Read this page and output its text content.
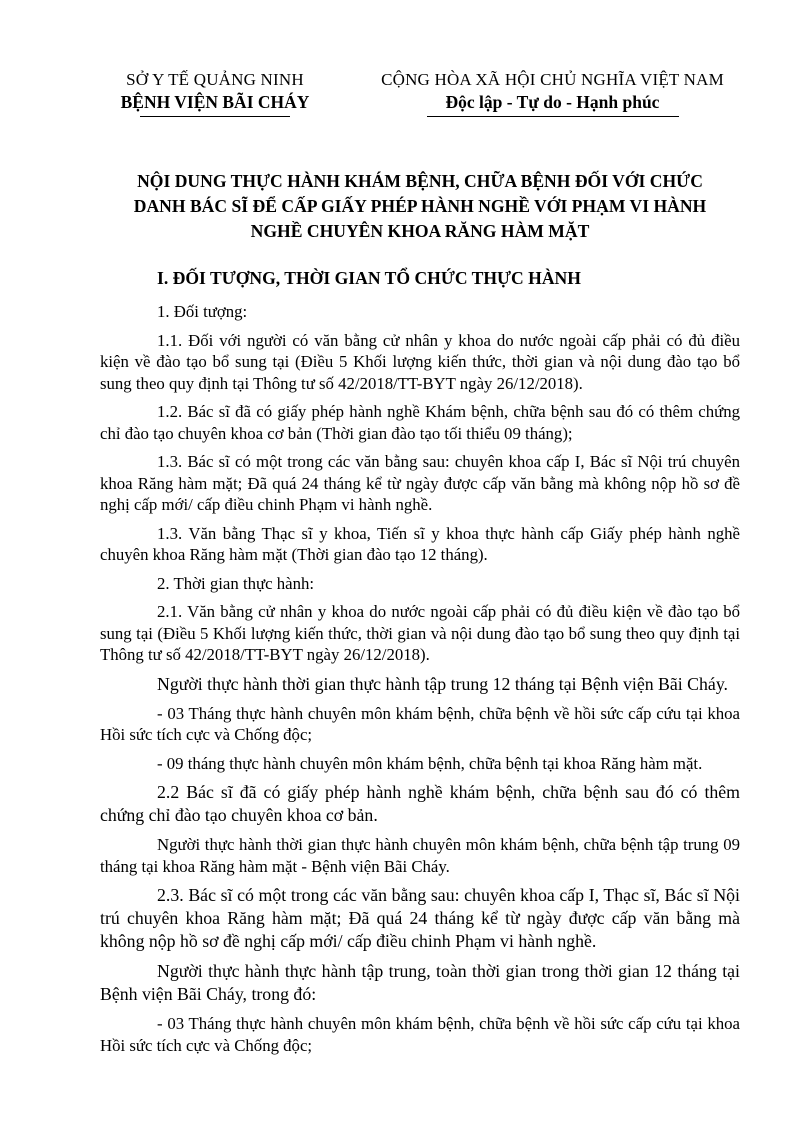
SỞ Y TẾ QUẢNG NINH
BỆNH VIỆN BÃI CHÁY
CỘNG HÒA XÃ HỘI CHỦ NGHĨA VIỆT NAM
Độc lập - Tự do - Hạnh phúc
NỘI DUNG THỰC HÀNH KHÁM BỆNH, CHỮA BỆNH ĐỐI VỚI CHỨC
DANH BÁC SĨ ĐỂ CẤP GIẤY PHÉP HÀNH NGHỀ VỚI PHẠM VI HÀNH
NGHỀ CHUYÊN KHOA RĂNG HÀM MẶT
I. ĐỐI TƯỢNG, THỜI GIAN TỔ CHỨC THỰC HÀNH

1. Đối tượng:

1.1. Đối với người có văn bằng cử nhân y khoa do nước ngoài cấp phải có đủ điều kiện về đào tạo bổ sung tại (Điều 5 Khối lượng kiến thức, thời gian và nội dung đào tạo bổ sung theo quy định tại Thông tư số 42/2018/TT-BYT ngày 26/12/2018).

1.2. Bác sĩ đã có giấy phép hành nghề Khám bệnh, chữa bệnh sau đó có thêm chứng chỉ đào tạo chuyên khoa cơ bản (Thời gian đào tạo tối thiểu 09 tháng);

1.3. Bác sĩ có một trong các văn bằng sau: chuyên khoa cấp I, Bác sĩ Nội trú chuyên khoa Răng hàm mặt; Đã quá 24 tháng kể từ ngày được cấp văn bằng mà không nộp hồ sơ đề nghị cấp mới/ cấp điều chinh Phạm vi hành nghề.

1.3. Văn bằng Thạc sĩ y khoa, Tiến sĩ y khoa thực hành cấp Giấy phép hành nghề chuyên khoa Răng hàm mặt (Thời gian đào tạo 12 tháng).

2. Thời gian thực hành:

2.1. Văn bằng cử nhân y khoa do nước ngoài cấp phải có đủ điều kiện về đào tạo bổ sung tại (Điều 5 Khối lượng kiến thức, thời gian và nội dung đào tạo bổ sung theo quy định tại Thông tư số 42/2018/TT-BYT ngày 26/12/2018).

Người thực hành thời gian thực hành tập trung 12 tháng tại Bệnh viện Bãi Cháy.

- 03 Tháng thực hành chuyên môn khám bệnh, chữa bệnh về hồi sức cấp cứu tại khoa Hồi sức tích cực và Chống độc;

- 09 tháng thực hành chuyên môn khám bệnh, chữa bệnh tại khoa Răng hàm mặt.

2.2 Bác sĩ đã có giấy phép hành nghề khám bệnh, chữa bệnh sau đó có thêm chứng chỉ đào tạo chuyên khoa cơ bản.

Người thực hành thời gian thực hành chuyên môn khám bệnh, chữa bệnh tập trung 09 tháng tại khoa Răng hàm mặt - Bệnh viện Bãi Cháy.

2.3. Bác sĩ có một trong các văn bằng sau: chuyên khoa cấp I, Thạc sĩ, Bác sĩ Nội trú chuyên khoa Răng hàm mặt; Đã quá 24 tháng kể từ ngày được cấp văn bằng mà không nộp hồ sơ đề nghị cấp mới/ cấp điều chinh Phạm vi hành nghề.

Người thực hành thực hành tập trung, toàn thời gian trong thời gian 12 tháng tại Bệnh viện Bãi Cháy, trong đó:

- 03 Tháng thực hành chuyên môn khám bệnh, chữa bệnh về hồi sức cấp cứu tại khoa Hồi sức tích cực và Chống độc;
